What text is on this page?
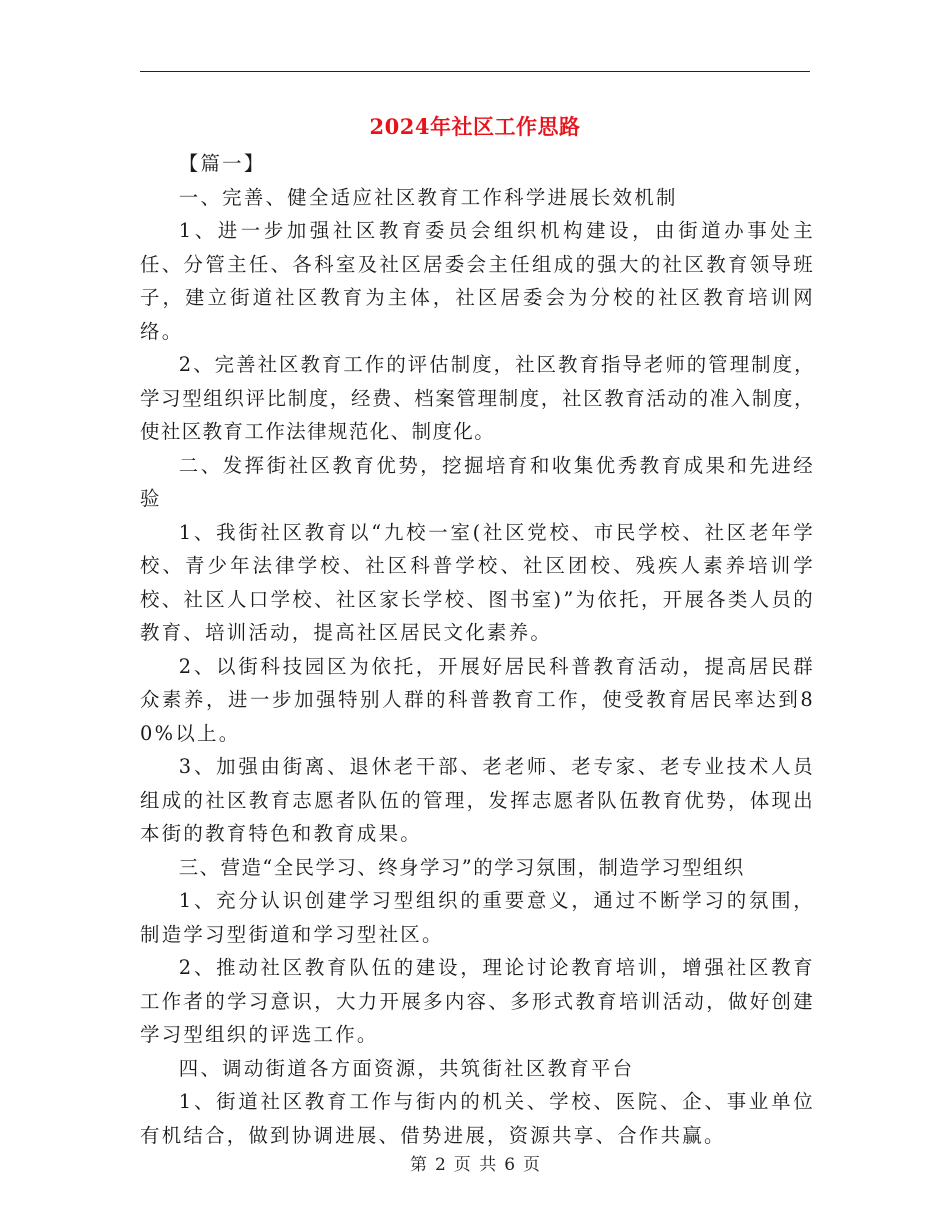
2024年社区工作思路

【篇一】

一、完善、健全适应社区教育工作科学进展长效机制

1、进一步加强社区教育委员会组织机构建设，由街道办事处主任、分管主任、各科室及社区居委会主任组成的强大的社区教育领导班子，建立街道社区教育为主体，社区居委会为分校的社区教育培训网络。

2、完善社区教育工作的评估制度，社区教育指导老师的管理制度，学习型组织评比制度，经费、档案管理制度，社区教育活动的准入制度，使社区教育工作法律规范化、制度化。

二、发挥街社区教育优势，挖掘培育和收集优秀教育成果和先进经验

1、我街社区教育以“九校一室(社区党校、市民学校、社区老年学校、青少年法律学校、社区科普学校、社区团校、残疾人素养培训学校、社区人口学校、社区家长学校、图书室)”为依托，开展各类人员的教育、培训活动，提高社区居民文化素养。

2、以街科技园区为依托，开展好居民科普教育活动，提高居民群众素养，进一步加强特别人群的科普教育工作，使受教育居民率达到80%以上。

3、加强由街离、退休老干部、老老师、老专家、老专业技术人员组成的社区教育志愿者队伍的管理，发挥志愿者队伍教育优势，体现出本街的教育特色和教育成果。

三、营造“全民学习、终身学习”的学习氛围，制造学习型组织

1、充分认识创建学习型组织的重要意义，通过不断学习的氛围，制造学习型街道和学习型社区。

2、推动社区教育队伍的建设，理论讨论教育培训，增强社区教育工作者的学习意识，大力开展多内容、多形式教育培训活动，做好创建学习型组织的评选工作。

四、调动街道各方面资源，共筑街社区教育平台

1、街道社区教育工作与街内的机关、学校、医院、企、事业单位有机结合，做到协调进展、借势进展，资源共享、合作共赢。

第 2 页 共 6 页
